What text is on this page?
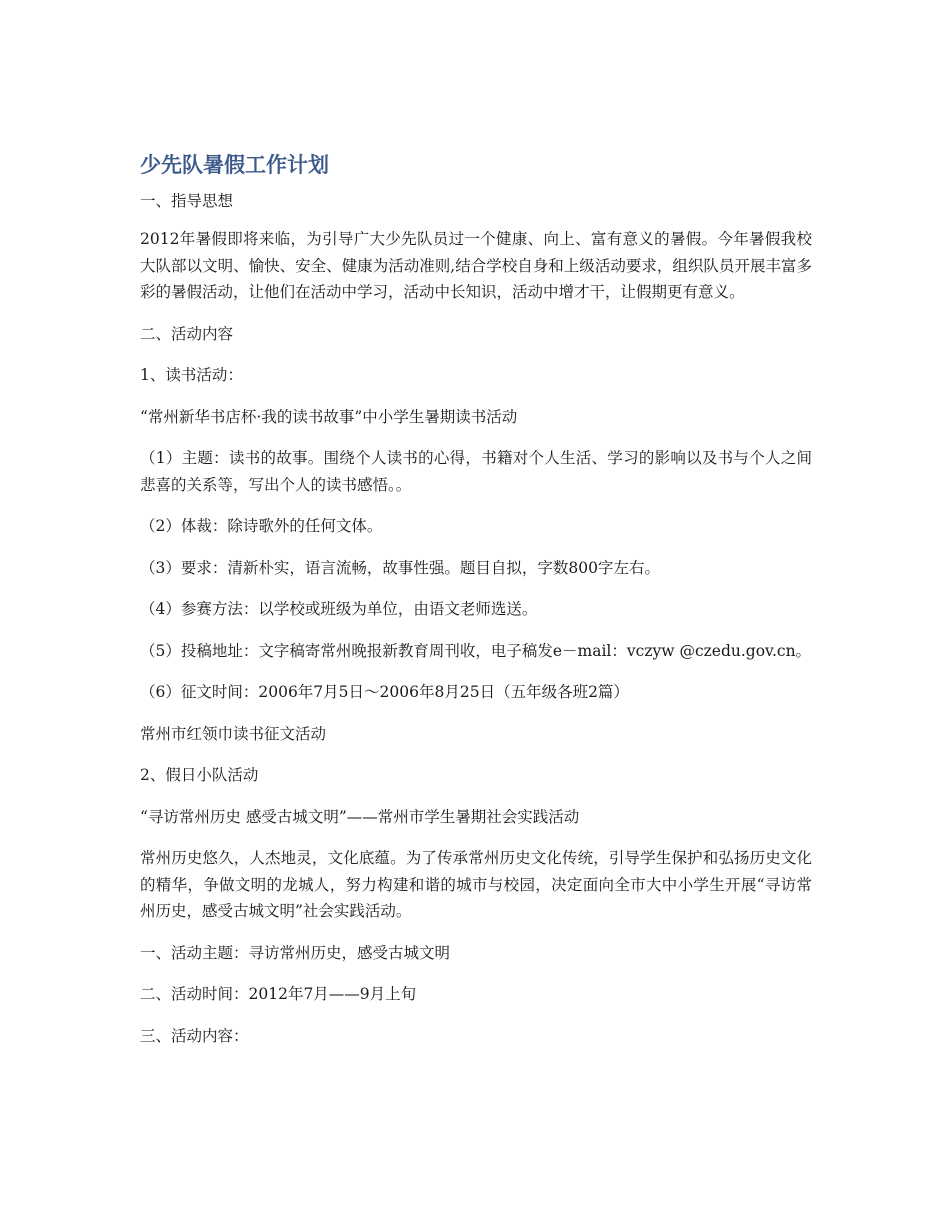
少先队暑假工作计划
一、指导思想

2012年暑假即将来临，为引导广大少先队员过一个健康、向上、富有意义的暑假。今年暑假我校大队部以文明、愉快、安全、健康为活动准则,结合学校自身和上级活动要求，组织队员开展丰富多彩的暑假活动，让他们在活动中学习，活动中长知识，活动中增才干，让假期更有意义。

二、活动内容

1、读书活动：

“常州新华书店杯·我的读书故事”中小学生暑期读书活动

（1）主题：读书的故事。围绕个人读书的心得，书籍对个人生活、学习的影响以及书与个人之间悲喜的关系等，写出个人的读书感悟。。

（2）体裁：除诗歌外的任何文体。

（3）要求：清新朴实，语言流畅，故事性强。题目自拟，字数800字左右。

（4）参赛方法：以学校或班级为单位，由语文老师选送。

（5）投稿地址：文字稿寄常州晚报新教育周刊收，电子稿发e－mail：vczyw @czedu.gov.cn。

（6）征文时间：2006年7月5日～2006年8月25日（五年级各班2篇）

常州市红领巾读书征文活动

2、假日小队活动

“寻访常州历史 感受古城文明”——常州市学生暑期社会实践活动

常州历史悠久，人杰地灵，文化底蕴。为了传承常州历史文化传统，引导学生保护和弘扬历史文化的精华，争做文明的龙城人，努力构建和谐的城市与校园，决定面向全市大中小学生开展“寻访常州历史，感受古城文明”社会实践活动。

一、活动主题：寻访常州历史，感受古城文明

二、活动时间：2012年7月——9月上旬

三、活动内容：
